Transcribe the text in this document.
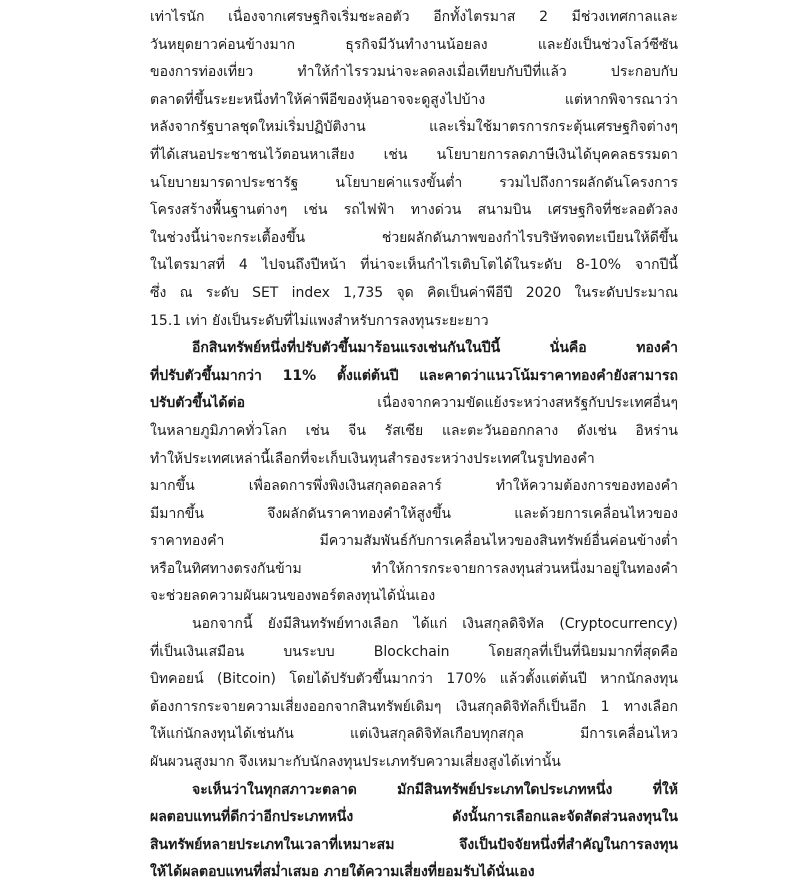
เท่าไรนัก เนื่องจากเศรษฐกิจเริ่มชะลอตัว อีกทั้งไตรมาส 2 มีช่วงเทศกาลและ
วันหยุดยาวค่อนข้างมาก ธุรกิจมีวันทำงานน้อยลง และยังเป็นช่วงโลว์ซีซัน
ของการท่องเที่ยว ทำให้กำไรรวมน่าจะลดลงเมื่อเทียบกับปีที่แล้ว ประกอบกับ
ตลาดที่ขึ้นระยะหนึ่งทำให้ค่าพีอีของหุ้นอาจจะดูสูงไปบ้าง แต่หากพิจารณาว่า
หลังจากรัฐบาลชุดใหม่เริ่มปฏิบัติงาน และเริ่มใช้มาตรการกระตุ้นเศรษฐกิจต่างๆ
ที่ได้เสนอประชาชนไว้ตอนหาเสียง เช่น นโยบายการลดภาษีเงินได้บุคคลธรรมดา
นโยบายมารดาประชารัฐ นโยบายค่าแรงขั้นต่ำ รวมไปถึงการผลักดันโครงการ
โครงสร้างพื้นฐานต่างๆ เช่น รถไฟฟ้า ทางด่วน สนามบิน เศรษฐกิจที่ชะลอตัวลง
ในช่วงนี้น่าจะกระเตื้องขึ้น ช่วยผลักดันภาพของกำไรบริษัทจดทะเบียนให้ดีขึ้น
ในไตรมาสที่ 4 ไปจนถึงปีหน้า ที่น่าจะเห็นกำไรเติบโตได้ในระดับ 8-10% จากปีนี้
ซึ่ง ณ ระดับ SET index 1,735 จุด คิดเป็นค่าพีอีปี 2020 ในระดับประมาณ
15.1 เท่า ยังเป็นระดับที่ไม่แพงสำหรับการลงทุนระยะยาว
อีกสินทรัพย์หนึ่งที่ปรับตัวขึ้นมาร้อนแรงเช่นกันในปีนี้ นั่นคือ ทองคำ
ที่ปรับตัวขึ้นมากว่า 11% ตั้งแต่ต้นปี และคาดว่าแนวโน้มราคาทองคำยังสามารถ
ปรับตัวขึ้นได้ต่อ เนื่องจากความขัดแย้งระหว่างสหรัฐกับประเทศอื่นๆ
ในหลายภูมิภาคทั่วโลก เช่น จีน รัสเซีย และตะวันออกกลาง ดังเช่น อิหร่าน
ทำให้ประเทศเหล่านี้เลือกที่จะเก็บเงินทุนสำรองระหว่างประเทศในรูปทองคำ
มากขึ้น เพื่อลดการพึ่งพิงเงินสกุลดอลลาร์ ทำให้ความต้องการของทองคำ
มีมากขึ้น จึงผลักดันราคาทองคำให้สูงขึ้น และด้วยการเคลื่อนไหวของ
ราคาทองคำ มีความสัมพันธ์กับการเคลื่อนไหวของสินทรัพย์อื่นค่อนข้างต่ำ
หรือในทิศทางตรงกันข้าม ทำให้การกระจายการลงทุนส่วนหนึ่งมาอยู่ในทองคำ
จะช่วยลดความผันผวนของพอร์ตลงทุนได้นั่นเอง
นอกจากนี้ ยังมีสินทรัพย์ทางเลือก ได้แก่ เงินสกุลดิจิทัล (Cryptocurrency)
ที่เป็นเงินเสมือน บนระบบ Blockchain โดยสกุลที่เป็นที่นิยมมากที่สุดคือ
บิทคอยน์ (Bitcoin) โดยได้ปรับตัวขึ้นมากว่า 170% แล้วตั้งแต่ต้นปี หากนักลงทุน
ต้องการกระจายความเสี่ยงออกจากสินทรัพย์เดิมๆ เงินสกุลดิจิทัลก็เป็นอีก 1 ทางเลือก
ให้แก่นักลงทุนได้เช่นกัน แต่เงินสกุลดิจิทัลเกือบทุกสกุล มีการเคลื่อนไหว
ผันผวนสูงมาก จึงเหมาะกับนักลงทุนประเภทรับความเสี่ยงสูงได้เท่านั้น
จะเห็นว่าในทุกสภาวะตลาด มักมีสินทรัพย์ประเภทใดประเภทหนึ่ง ที่ให้
ผลตอบแทนที่ดีกว่าอีกประเภทหนึ่ง ดังนั้นการเลือกและจัดสัดส่วนลงทุนใน
สินทรัพย์หลายประเภทในเวลาที่เหมาะสม จึงเป็นปัจจัยหนึ่งที่สำคัญในการลงทุน
ให้ได้ผลตอบแทนที่สม่ำเสมอ ภายใต้ความเสี่ยงที่ยอมรับได้นั่นเอง
